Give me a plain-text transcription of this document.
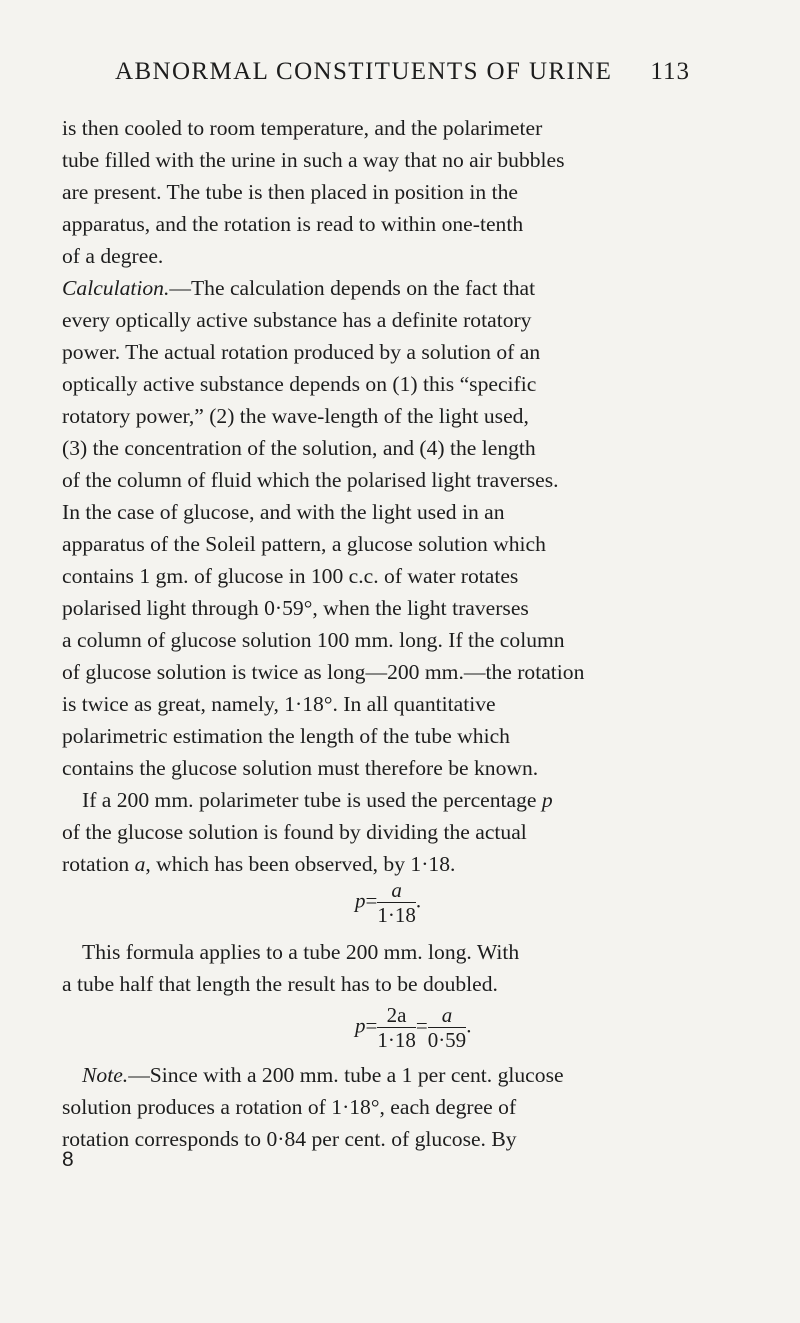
ABNORMAL CONSTITUENTS OF URINE 113
is then cooled to room temperature, and the polarimeter
tube filled with the urine in such a way that no air bubbles
are present. The tube is then placed in position in the
apparatus, and the rotation is read to within one-tenth
of a degree.
Calculation.—The calculation depends on the fact that
every optically active substance has a definite rotatory
power. The actual rotation produced by a solution of an
optically active substance depends on (1) this “specific
rotatory power,” (2) the wave-length of the light used,
(3) the concentration of the solution, and (4) the length
of the column of fluid which the polarised light traverses.
In the case of glucose, and with the light used in an
apparatus of the Soleil pattern, a glucose solution which
contains 1 gm. of glucose in 100 c.c. of water rotates
polarised light through 0·59°, when the light traverses
a column of glucose solution 100 mm. long. If the column
of glucose solution is twice as long—200 mm.—the rotation
is twice as great, namely, 1·18°. In all quantitative
polarimetric estimation the length of the tube which
contains the glucose solution must therefore be known.
If a 200 mm. polarimeter tube is used the percentage p
of the glucose solution is found by dividing the actual
rotation a, which has been observed, by 1·18.
$p= \frac{a}{1\cdot 18}$ .
This formula applies to a tube 200 mm. long. With
a tube half that length the result has to be doubled.
$p= \frac{2a}{1\cdot 18} = \frac{a}{0\cdot 59}$ .
Note.—Since with a 200 mm. tube a 1 per cent. glucose
solution produces a rotation of 1·18°, each degree of
rotation corresponds to 0·84 per cent. of glucose. By
8
